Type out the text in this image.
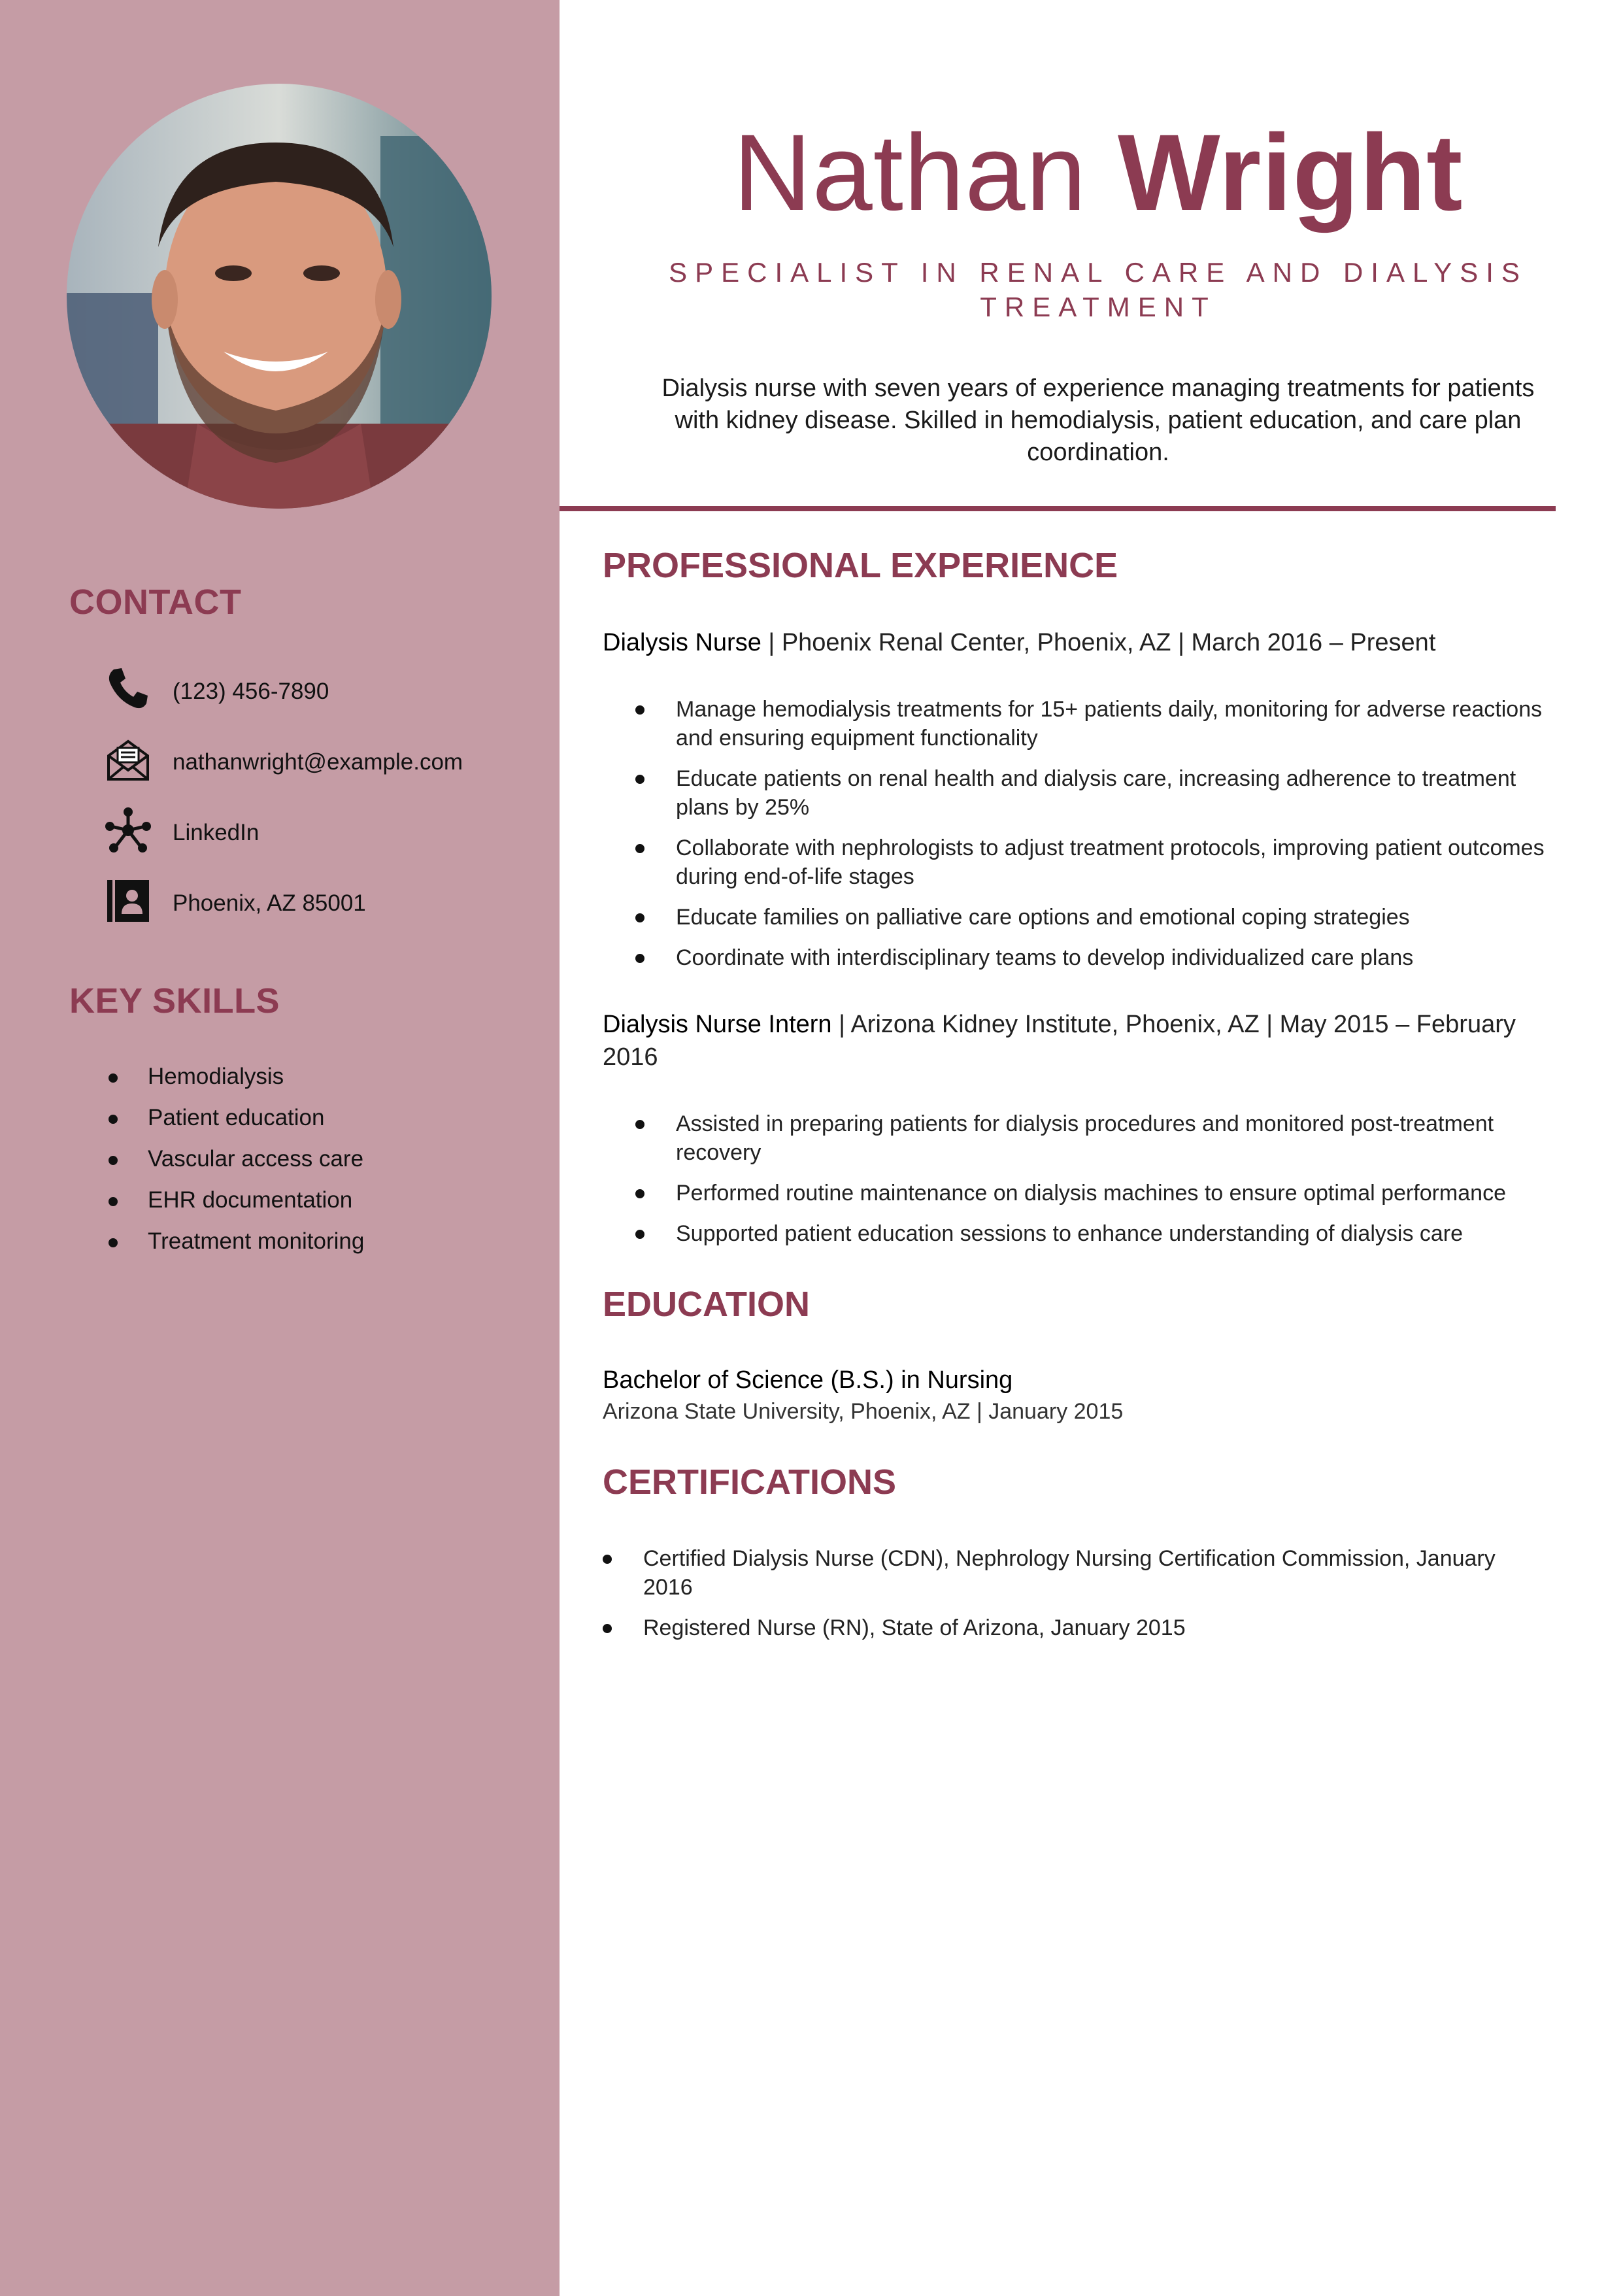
CONTACT
(123) 456-7890
nathanwright@example.com
LinkedIn
Phoenix, AZ 85001
KEY SKILLS
Hemodialysis
Patient education
Vascular access care
EHR documentation
Treatment monitoring
Nathan Wright
SPECIALIST IN RENAL CARE AND DIALYSIS TREATMENT
Dialysis nurse with seven years of experience managing treatments for patients with kidney disease. Skilled in hemodialysis, patient education, and care plan coordination.
PROFESSIONAL EXPERIENCE
Dialysis Nurse | Phoenix Renal Center, Phoenix, AZ | March 2016 – Present
Manage hemodialysis treatments for 15+ patients daily, monitoring for adverse reactions and ensuring equipment functionality
Educate patients on renal health and dialysis care, increasing adherence to treatment plans by 25%
Collaborate with nephrologists to adjust treatment protocols, improving patient outcomes during end-of-life stages
Educate families on palliative care options and emotional coping strategies
Coordinate with interdisciplinary teams to develop individualized care plans
Dialysis Nurse Intern | Arizona Kidney Institute, Phoenix, AZ | May 2015 – February 2016
Assisted in preparing patients for dialysis procedures and monitored post-treatment recovery
Performed routine maintenance on dialysis machines to ensure optimal performance
Supported patient education sessions to enhance understanding of dialysis care
EDUCATION
Bachelor of Science (B.S.) in Nursing
Arizona State University, Phoenix, AZ | January 2015
CERTIFICATIONS
Certified Dialysis Nurse (CDN), Nephrology Nursing Certification Commission, January 2016
Registered Nurse (RN), State of Arizona, January 2015
